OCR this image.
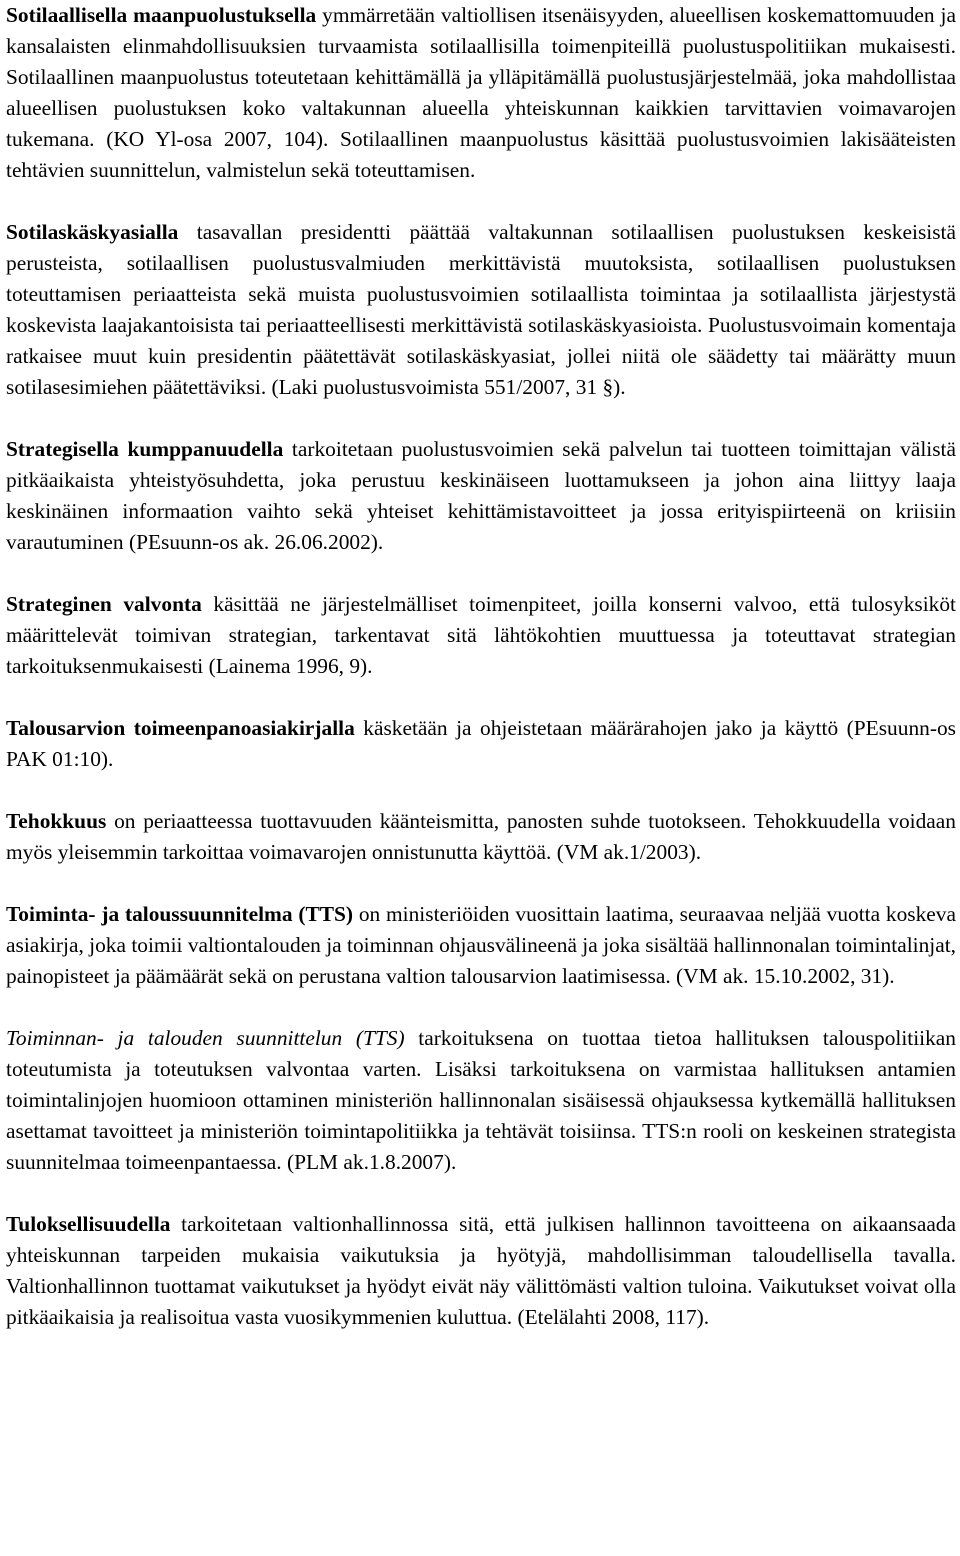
Sotilaallisella maanpuolustuksella ymmärretään valtiollisen itsenäisyyden, alueellisen koskemattomuuden ja kansalaisten elinmahdollisuuksien turvaamista sotilaallisilla toimenpiteillä puolustuspolitiikan mukaisesti. Sotilaallinen maanpuolustus toteutetaan kehittämällä ja ylläpitämällä puolustusjärjestelmää, joka mahdollistaa alueellisen puolustuksen koko valtakunnan alueella yhteiskunnan kaikkien tarvittavien voimavarojen tukemana. (KO Yl-osa 2007, 104). Sotilaallinen maanpuolustus käsittää puolustusvoimien lakisääteisten tehtävien suunnittelun, valmistelun sekä toteuttamisen.

Sotilaskäskyasialla tasavallan presidentti päättää valtakunnan sotilaallisen puolustuksen keskeisistä perusteista, sotilaallisen puolustusvalmiuden merkittävistä muutoksista, sotilaallisen puolustuksen toteuttamisen periaatteista sekä muista puolustusvoimien sotilaallista toimintaa ja sotilaallista järjestystä koskevista laajakantoisista tai periaatteellisesti merkittävistä sotilaskäskyasioista. Puolustusvoimain komentaja ratkaisee muut kuin presidentin päätettävät sotilaskäskyasiat, jollei niitä ole säädetty tai määrätty muun sotilasesimiehen päätettäviksi. (Laki puolustusvoimista 551/2007, 31 §).

Strategisella kumppanuudella tarkoitetaan puolustusvoimien sekä palvelun tai tuotteen toimittajan välistä pitkäaikaista yhteistyösuhdetta, joka perustuu keskinäiseen luottamukseen ja johon aina liittyy laaja keskinäinen informaation vaihto sekä yhteiset kehittämistavoitteet ja jossa erityispiirteenä on kriisiin varautuminen (PEsuunn-os ak. 26.06.2002).

Strateginen valvonta käsittää ne järjestelmälliset toimenpiteet, joilla konserni valvoo, että tulosyksiköt määrittelevät toimivan strategian, tarkentavat sitä lähtökohtien muuttuessa ja toteuttavat strategian tarkoituksenmukaisesti (Lainema 1996, 9).

Talousarvion toimeenpanoasiakirjalla käsketään ja ohjeistetaan määrärahojen jako ja käyttö (PEsuunn-os PAK 01:10).

Tehokkuus on periaatteessa tuottavuuden käänteismitta, panosten suhde tuotokseen. Tehokkuudella voidaan myös yleisemmin tarkoittaa voimavarojen onnistunutta käyttöä. (VM ak.1/2003).

Toiminta- ja taloussuunnitelma (TTS) on ministeriöiden vuosittain laatima, seuraavaa neljää vuotta koskeva asiakirja, joka toimii valtiontalouden ja toiminnan ohjausvälineenä ja joka sisältää hallinnonalan toimintalinjat, painopisteet ja päämäärät sekä on perustana valtion talousarvion laatimisessa. (VM ak. 15.10.2002, 31).

Toiminnan- ja talouden suunnittelun (TTS) tarkoituksena on tuottaa tietoa hallituksen talouspolitiikan toteutumista ja toteutuksen valvontaa varten. Lisäksi tarkoituksena on varmistaa hallituksen antamien toimintalinjojen huomioon ottaminen ministeriön hallinnonalan sisäisessä ohjauksessa kytkemällä hallituksen asettamat tavoitteet ja ministeriön toimintapolitiikka ja tehtävät toisiinsa. TTS:n rooli on keskeinen strategista suunnitelmaa toimeenpantaessa. (PLM ak.1.8.2007).

Tuloksellisuudella tarkoitetaan valtionhallinnossa sitä, että julkisen hallinnon tavoitteena on aikaansaada yhteiskunnan tarpeiden mukaisia vaikutuksia ja hyötyjä, mahdollisimman taloudellisella tavalla. Valtionhallinnon tuottamat vaikutukset ja hyödyt eivät näy välittömästi valtion tuloina. Vaikutukset voivat olla pitkäaikaisia ja realisoitua vasta vuosikymmenien kuluttua. (Etelälahti 2008, 117).
